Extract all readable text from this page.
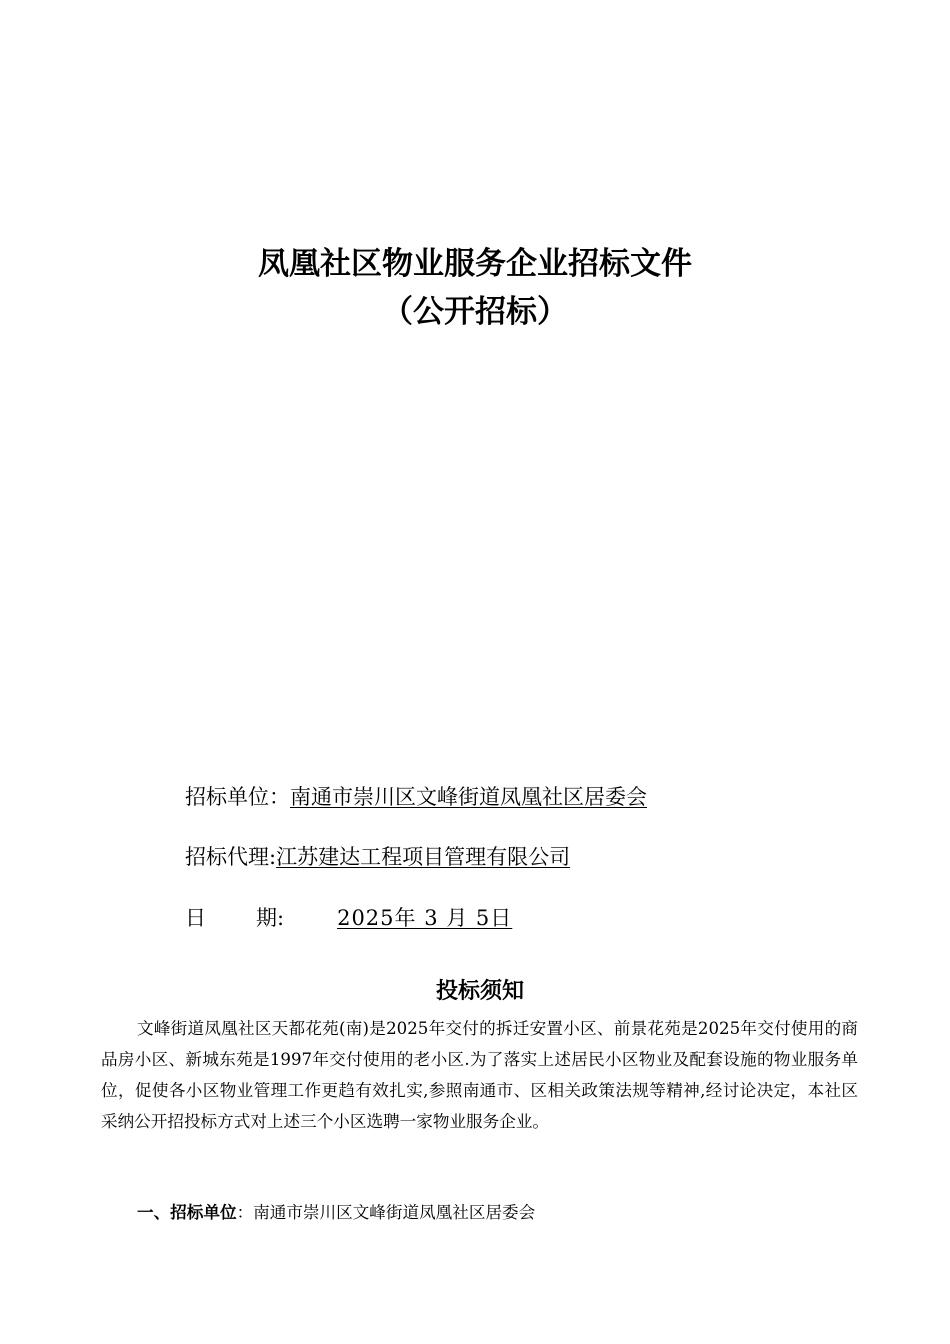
凤凰社区物业服务企业招标文件
（公开招标）
招标单位：南通市崇川区文峰街道凤凰社区居委会
招标代理:江苏建达工程项目管理有限公司
日 期:	2025年 3 月 5日
投标须知
文峰街道凤凰社区天都花苑(南)是2025年交付的拆迁安置小区、前景花苑是2025年交付使用的商品房小区、新城东苑是1997年交付使用的老小区.为了落实上述居民小区物业及配套设施的物业服务单位，促使各小区物业管理工作更趋有效扎实,参照南通市、区相关政策法规等精神,经讨论决定，本社区采纳公开招投标方式对上述三个小区选聘一家物业服务企业。
一、招标单位：南通市崇川区文峰街道凤凰社区居委会
